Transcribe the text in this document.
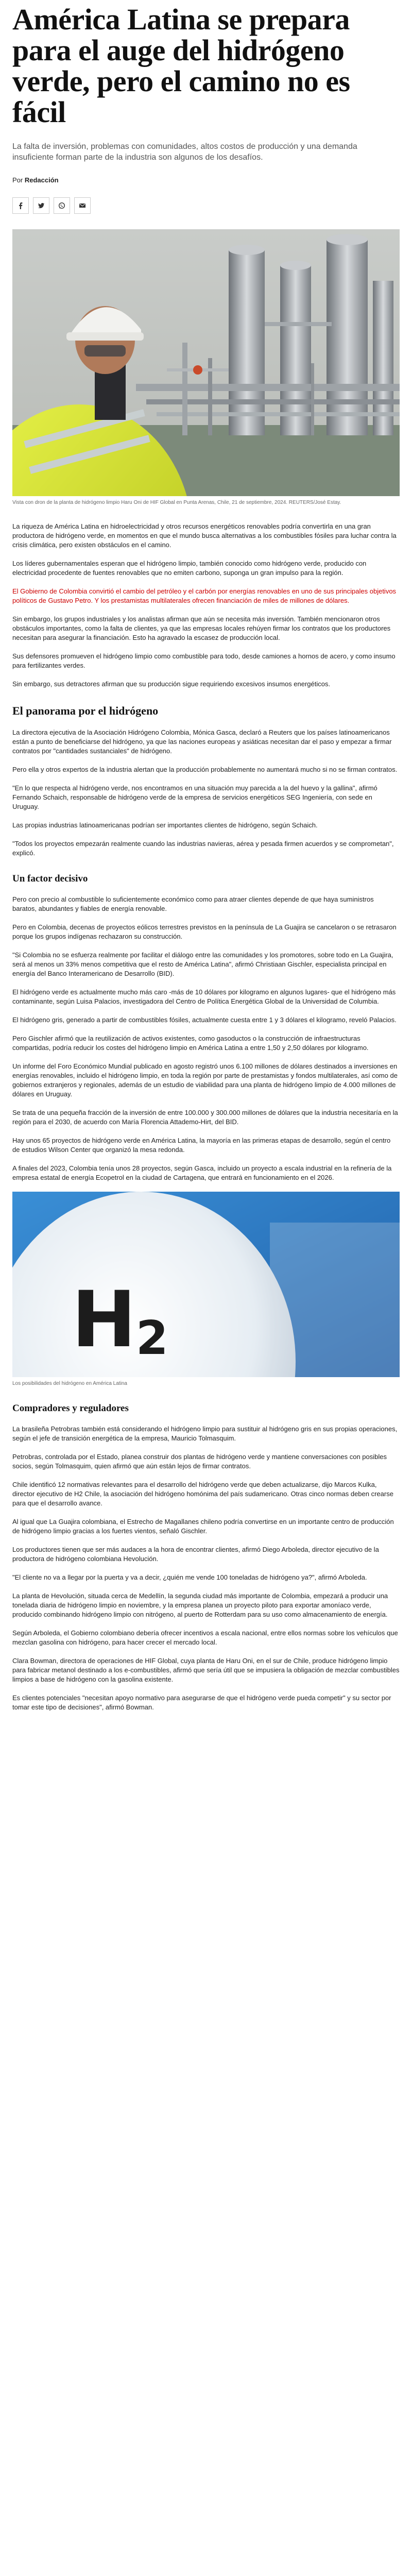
América Latina se prepara para el auge del hidrógeno verde, pero el camino no es fácil
La falta de inversión, problemas con comunidades, altos costos de producción y una demanda insuficiente forman parte de la industria son algunos de los desafíos.
Por Redacción
Vista con dron de la planta de hidrógeno limpio Haru Oni de HIF Global en Punta Arenas, Chile, 21 de septiembre, 2024. REUTERS/José Estay.

La riqueza de América Latina en hidroelectricidad y otros recursos energéticos renovables podría convertirla en una gran productora de hidrógeno verde, en momentos en que el mundo busca alternativas a los combustibles fósiles para luchar contra la crisis climática, pero existen obstáculos en el camino.

Los líderes gubernamentales esperan que el hidrógeno limpio, también conocido como hidrógeno verde, producido con electricidad procedente de fuentes renovables que no emiten carbono, suponga un gran impulso para la región.

El Gobierno de Colombia convirtió el cambio del petróleo y el carbón por energías renovables en uno de sus principales objetivos políticos de Gustavo Petro. Y los prestamistas multilaterales ofrecen financiación de miles de millones de dólares.

Sin embargo, los grupos industriales y los analistas afirman que aún se necesita más inversión. También mencionaron otros obstáculos importantes, como la falta de clientes, ya que las empresas locales rehúyen firmar los contratos que los productores necesitan para asegurar la financiación. Esto ha agravado la escasez de producción local.

Sus defensores promueven el hidrógeno limpio como combustible para todo, desde camiones a hornos de acero, y como insumo para fertilizantes verdes.

Sin embargo, sus detractores afirman que su producción sigue requiriendo excesivos insumos energéticos.

El panorama por el hidrógeno

La directora ejecutiva de la Asociación Hidrógeno Colombia, Mónica Gasca, declaró a Reuters que los países latinoamericanos están a punto de beneficiarse del hidrógeno, ya que las naciones europeas y asiáticas necesitan dar el paso y empezar a firmar contratos por "cantidades sustanciales" de hidrógeno.

Pero ella y otros expertos de la industria alertan que la producción probablemente no aumentará mucho si no se firman contratos.

"En lo que respecta al hidrógeno verde, nos encontramos en una situación muy parecida a la del huevo y la gallina", afirmó Fernando Schaich, responsable de hidrógeno verde de la empresa de servicios energéticos SEG Ingeniería, con sede en Uruguay.

Las propias industrias latinoamericanas podrían ser importantes clientes de hidrógeno, según Schaich.

"Todos los proyectos empezarán realmente cuando las industrias navieras, aérea y pesada firmen acuerdos y se comprometan", explicó.

Un factor decisivo

Pero con precio al combustible lo suficientemente económico como para atraer clientes depende de que haya suministros baratos, abundantes y fiables de energía renovable.

Pero en Colombia, decenas de proyectos eólicos terrestres previstos en la península de La Guajira se cancelaron o se retrasaron porque los grupos indígenas rechazaron su construcción.

"Si Colombia no se esfuerza realmente por facilitar el diálogo entre las comunidades y los promotores, sobre todo en La Guajira, será al menos un 33% menos competitiva que el resto de América Latina", afirmó Christiaan Gischler, especialista principal en energía del Banco Interamericano de Desarrollo (BID).

El hidrógeno verde es actualmente mucho más caro -más de 10 dólares por kilogramo en algunos lugares- que el hidrógeno más contaminante, según Luisa Palacios, investigadora del Centro de Política Energética Global de la Universidad de Columbia.

El hidrógeno gris, generado a partir de combustibles fósiles, actualmente cuesta entre 1 y 3 dólares el kilogramo, reveló Palacios.

Pero Gischler afirmó que la reutilización de activos existentes, como gasoductos o la construcción de infraestructuras compartidas, podría reducir los costes del hidrógeno limpio en América Latina a entre 1,50 y 2,50 dólares por kilogramo.

Un informe del Foro Económico Mundial publicado en agosto registró unos 6.100 millones de dólares destinados a inversiones en energías renovables, incluido el hidrógeno limpio, en toda la región por parte de prestamistas y fondos multilaterales, así como de gobiernos extranjeros y regionales, además de un estudio de viabilidad para una planta de hidrógeno limpio de 4.000 millones de dólares en Uruguay.

Se trata de una pequeña fracción de la inversión de entre 100.000 y 300.000 millones de dólares que la industria necesitaría en la región para el 2030, de acuerdo con María Florencia Attademo-Hirt, del BID.

Hay unos 65 proyectos de hidrógeno verde en América Latina, la mayoría en las primeras etapas de desarrollo, según el centro de estudios Wilson Center que organizó la mesa redonda.

A finales del 2023, Colombia tenía unos 28 proyectos, según Gasca, incluido un proyecto a escala industrial en la refinería de la empresa estatal de energía Ecopetrol en la ciudad de Cartagena, que entrará en funcionamiento en el 2026.

H 2
Los posibilidades del hidrógeno en América Latina
Compradores y reguladores

La brasileña Petrobras también está considerando el hidrógeno limpio para sustituir al hidrógeno gris en sus propias operaciones, según el jefe de transición energética de la empresa, Mauricio Tolmasquim.

Petrobras, controlada por el Estado, planea construir dos plantas de hidrógeno verde y mantiene conversaciones con posibles socios, según Tolmasquim, quien afirmó que aún están lejos de firmar contratos.

Chile identificó 12 normativas relevantes para el desarrollo del hidrógeno verde que deben actualizarse, dijo Marcos Kulka, director ejecutivo de H2 Chile, la asociación del hidrógeno homónima del país sudamericano. Otras cinco normas deben crearse para que el desarrollo avance.

Al igual que La Guajira colombiana, el Estrecho de Magallanes chileno podría convertirse en un importante centro de producción de hidrógeno limpio gracias a los fuertes vientos, señaló Gischler.

Los productores tienen que ser más audaces a la hora de encontrar clientes, afirmó Diego Arboleda, director ejecutivo de la productora de hidrógeno colombiana Hevolución.

"El cliente no va a llegar por la puerta y va a decir, ¿quién me vende 100 toneladas de hidrógeno ya?", afirmó Arboleda.

La planta de Hevolución, situada cerca de Medellín, la segunda ciudad más importante de Colombia, empezará a producir una tonelada diaria de hidrógeno limpio en noviembre, y la empresa planea un proyecto piloto para exportar amoníaco verde, producido combinando hidrógeno limpio con nitrógeno, al puerto de Rotterdam para su uso como almacenamiento de energía.

Según Arboleda, el Gobierno colombiano debería ofrecer incentivos a escala nacional, entre ellos normas sobre los vehículos que mezclan gasolina con hidrógeno, para hacer crecer el mercado local.

Clara Bowman, directora de operaciones de HIF Global, cuya planta de Haru Oni, en el sur de Chile, produce hidrógeno limpio para fabricar metanol destinado a los e-combustibles, afirmó que sería útil que se impusiera la obligación de mezclar combustibles limpios a base de hidrógeno con la gasolina existente.

Es clientes potenciales "necesitan apoyo normativo para asegurarse de que el hidrógeno verde pueda competir" y su sector por tomar este tipo de decisiones", afirmó Bowman.
